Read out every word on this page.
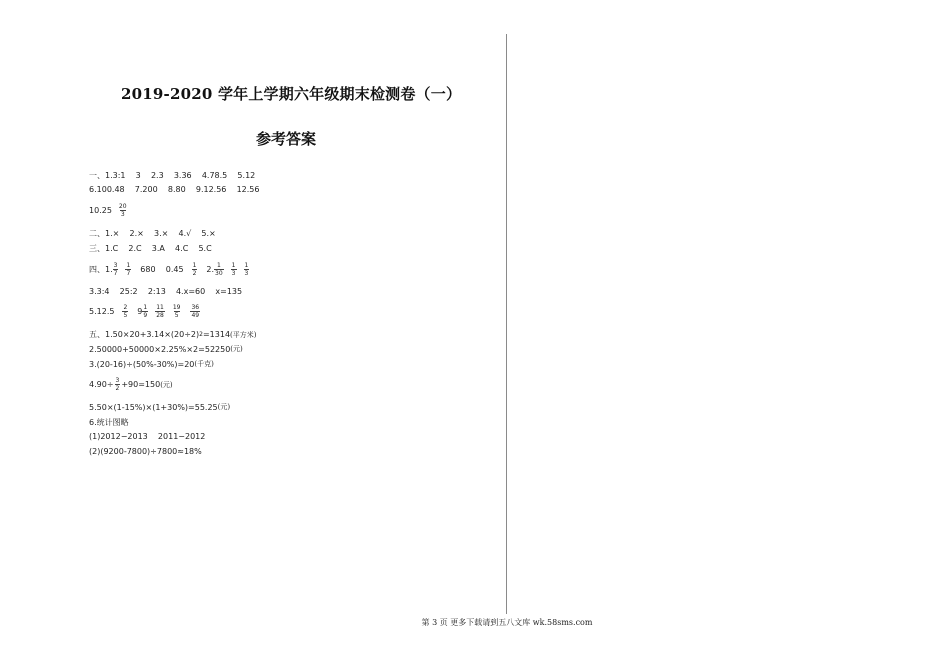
2019-2020 学年上学期六年级期末检测卷（一）
参考答案
一、1.3:1    3    2.3    3.36    4.78.5    5.12
6.100.48    7.200    8.80    9.12.56    12.56
$10.25 \frac{20}{3}$
二、1.×    2.×    3.×    4.√    5.×
三、1.C    2.C    3.A    4.C    5.C
四、1. $\frac{3}{7} \frac{1}{7} 680$    $0.45 \frac{1}{2} 2$. $\frac{1}{30} \frac{1}{3} \frac{1}{3}$
3.3:4    25:2    2:13    4.x=60    x=135
$5.12.5 \frac{2}{5} 9 \frac{1}{9} \frac{11}{28} \frac{19}{5} \frac{36}{49}$
五、1.50×20+3.14×(20÷2) 2 =1314 (平方米)
2.50000+50000×2.25%×2=52250 (元)
3.(20-16)÷(50%-30%)=20 (千克)
$4.90\div \frac{3}{2} +90=150$ (元)
5.50×(1-15%)×(1+30%)=55.25 (元)
6.统计图略
(1)2012−2013    2011−2012
(2)(9200-7800)÷7800≈18%
第 3 页 更多下载请到五八文库 wk.58sms.com
